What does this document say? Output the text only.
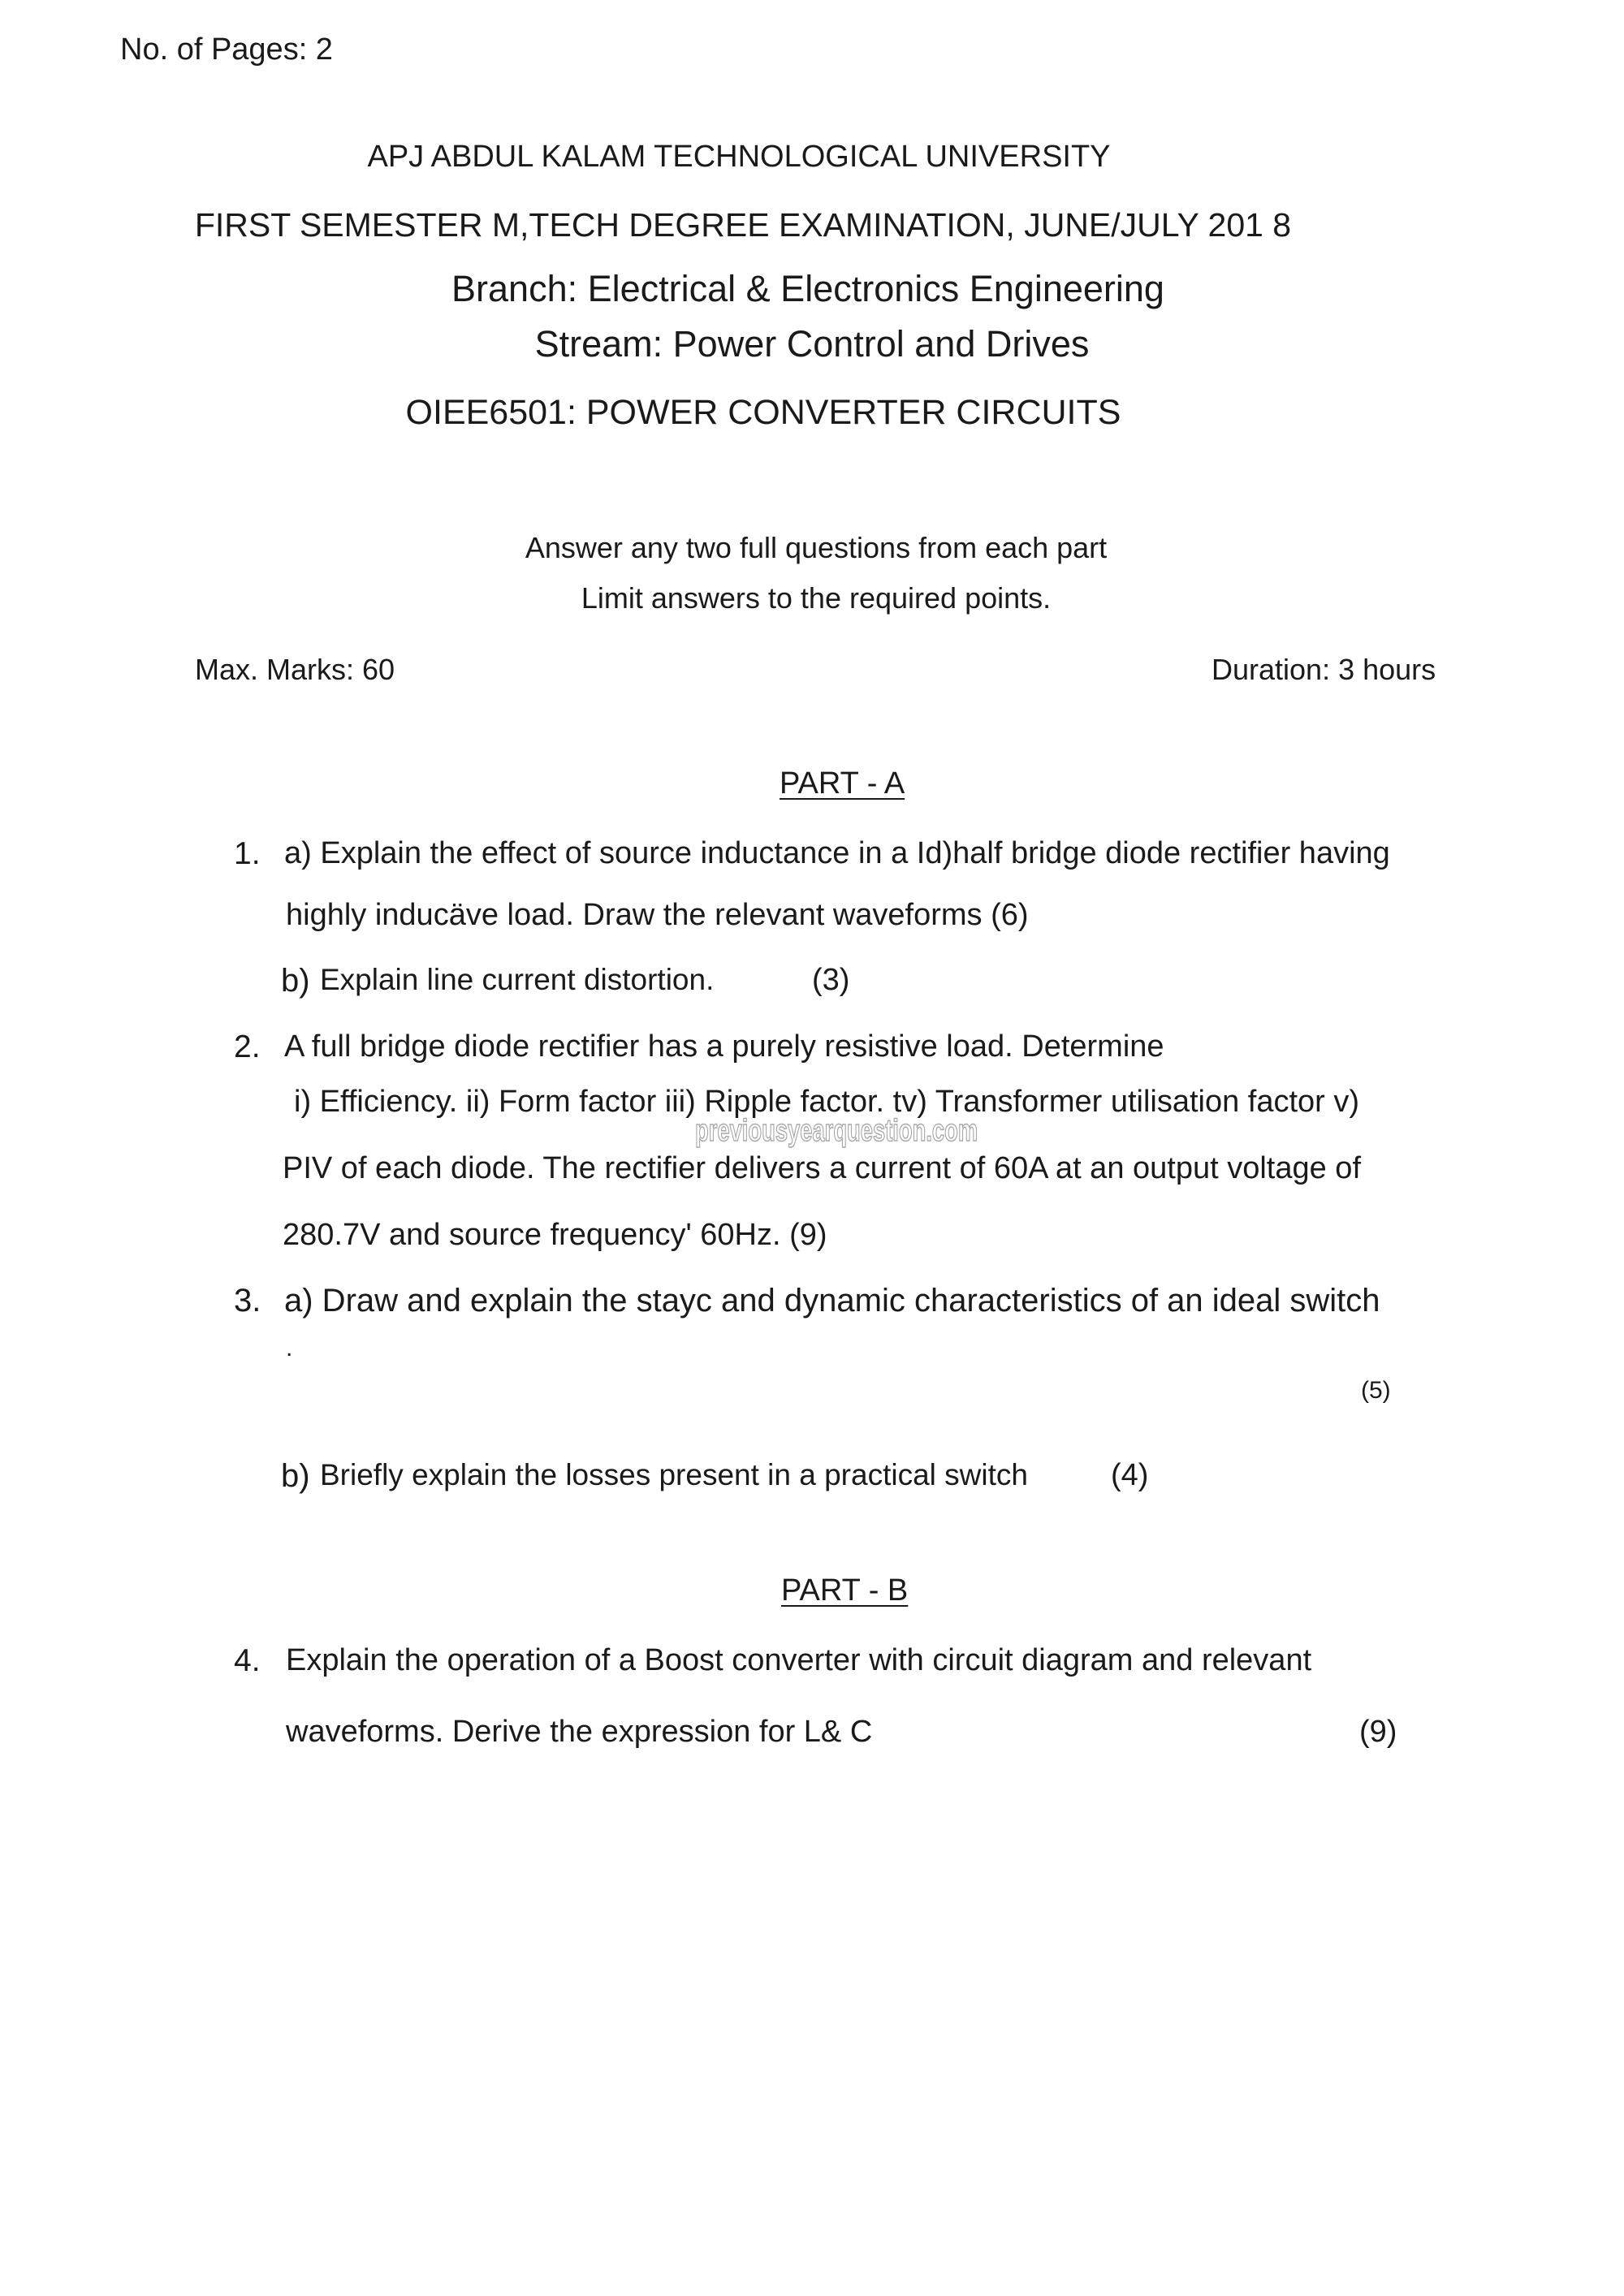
No. of Pages: 2
APJ ABDUL KALAM TECHNOLOGICAL UNIVERSITY
FIRST SEMESTER M,TECH DEGREE EXAMINATION, JUNE/JULY 201 8
Branch: Electrical & Electronics Engineering
Stream: Power Control and Drives
OIEE6501: POWER CONVERTER CIRCUITS
Answer any two full questions from each part
Limit answers to the required points.
Max. Marks: 60	Duration: 3 hours
PART - A
1. a) Explain the effect of source inductance in a Id)half bridge diode rectifier having
highly inducäve load. Draw the relevant waveforms (6)
b) Explain line current distortion.	(3)
2. A full bridge diode rectifier has a purely resistive load. Determine
i) Efficiency. ii) Form factor iii) Ripple factor. tv) Transformer utilisation factor v)
PIV of each diode. The rectifier delivers a current of 60A at an output voltage of
280.7V and source frequency' 60Hz. (9)
previousyearquestion.com
3. a) Draw and explain the stayc and dynamic characteristics of an ideal switch
.
(5)
b) Briefly explain the losses present in a practical switch	(4)
PART - B
4. Explain the operation of a Boost converter with circuit diagram and relevant
waveforms. Derive the expression for L& C	(9)
